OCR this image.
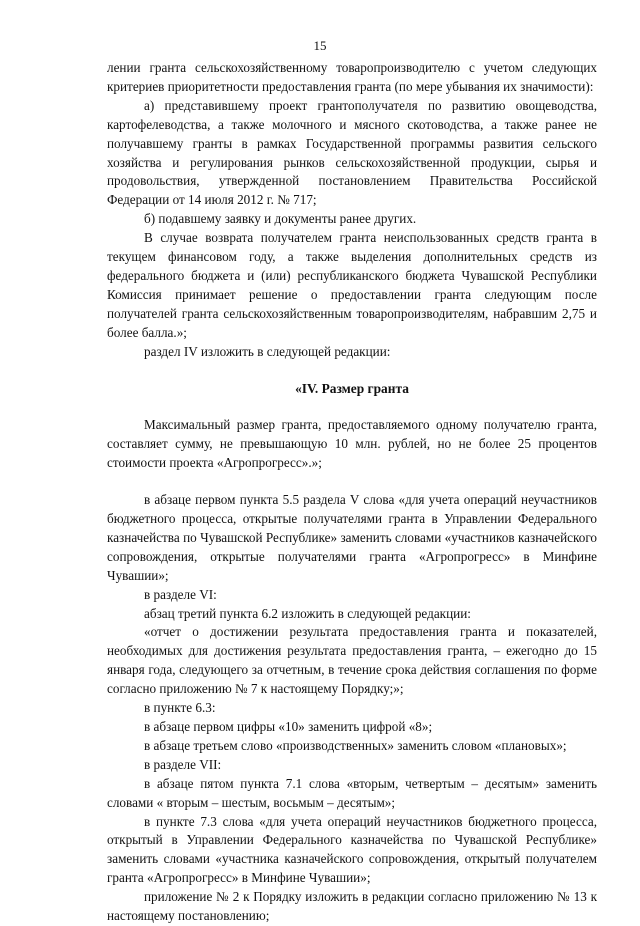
15

лении гранта сельскохозяйственному товаропроизводителю с учетом следующих критериев приоритетности предоставления гранта (по мере убывания их значимости):

а) представившему проект грантополучателя по развитию овощеводства, картофелеводства, а также молочного и мясного скотоводства, а также ранее не получавшему гранты в рамках Государственной программы развития сельского хозяйства и регулирования рынков сельскохозяйственной продукции, сырья и продовольствия, утвержденной постановлением Правительства Российской Федерации от 14 июля 2012 г. № 717;

б) подавшему заявку и документы ранее других.

В случае возврата получателем гранта неиспользованных средств гранта в текущем финансовом году, а также выделения дополнительных средств из федерального бюджета и (или) республиканского бюджета Чувашской Республики Комиссия принимает решение о предоставлении гранта следующим после получателей гранта сельскохозяйственным товаропроизводителям, набравшим 2,75 и более балла.»;

раздел IV изложить в следующей редакции:

«IV. Размер гранта

Максимальный размер гранта, предоставляемого одному получателю гранта, составляет сумму, не превышающую 10 млн. рублей, но не более 25 процентов стоимости проекта «Агропрогресс».»;

в абзаце первом пункта 5.5 раздела V слова «для учета операций неучастников бюджетного процесса, открытые получателями гранта в Управлении Федерального казначейства по Чувашской Республике» заменить словами «участников казначейского сопровождения, открытые получателями гранта «Агропрогресс» в Минфине Чувашии»;

в разделе VI:

абзац третий пункта 6.2 изложить в следующей редакции:

«отчет о достижении результата предоставления гранта и показателей, необходимых для достижения результата предоставления гранта, – ежегодно до 15 января года, следующего за отчетным, в течение срока действия соглашения по форме согласно приложению № 7 к настоящему Порядку;»;

в пункте 6.3:

в абзаце первом цифры «10» заменить цифрой «8»;

в абзаце третьем слово «производственных» заменить словом «плановых»;

в разделе VII:

в абзаце пятом пункта 7.1 слова «вторым, четвертым – десятым» заменить словами « вторым – шестым, восьмым – десятым»;

в пункте 7.3 слова «для учета операций неучастников бюджетного процесса, открытый в Управлении Федерального казначейства по Чувашской Республике» заменить словами «участника казначейского сопровождения, открытый получателем гранта «Агропрогресс» в Минфине Чувашии»;

приложение № 2 к Порядку изложить в редакции согласно приложению № 13 к настоящему постановлению;
